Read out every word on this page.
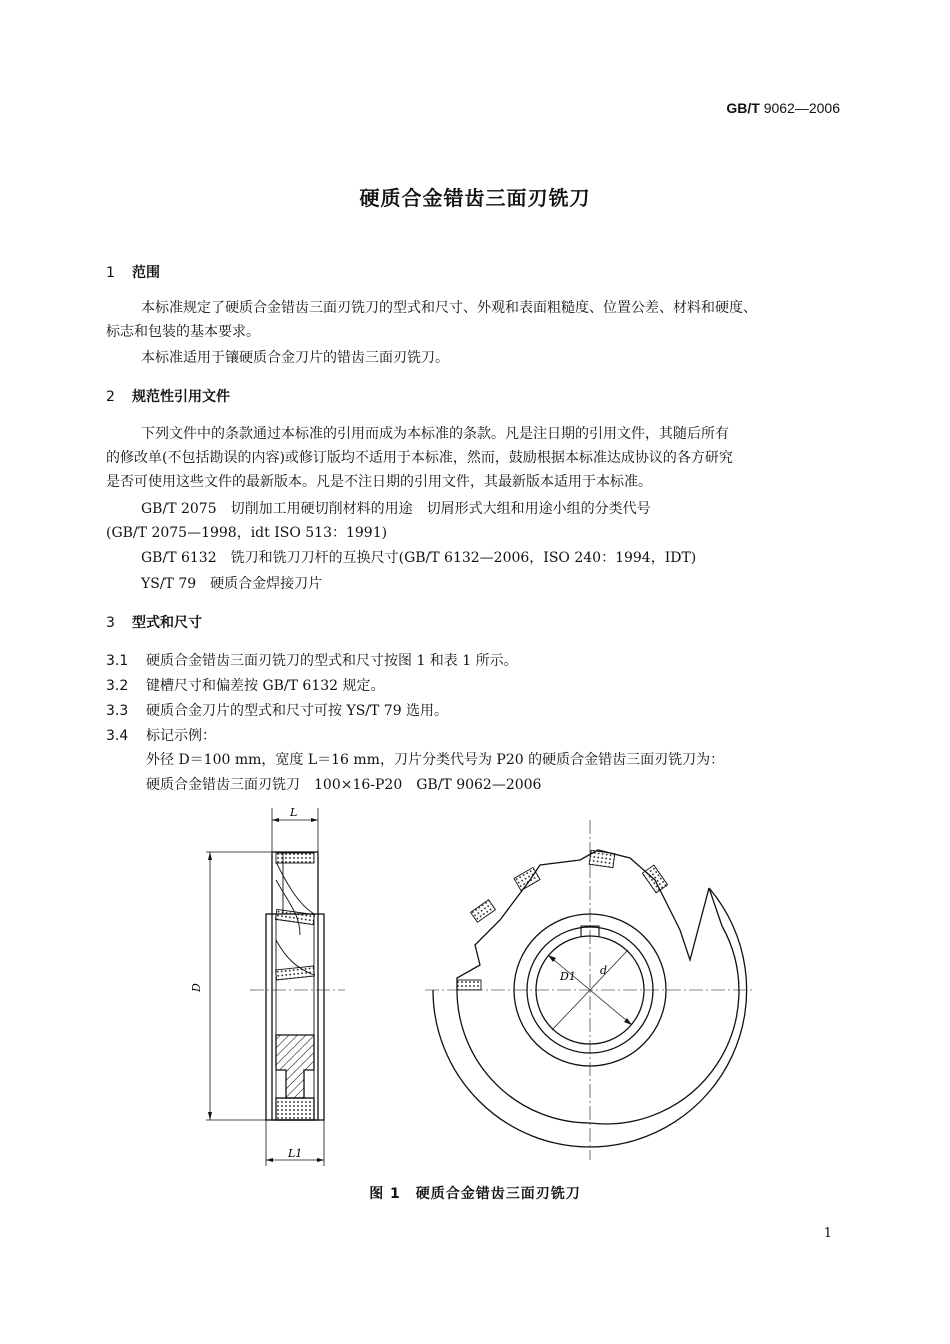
GB/T 9062—2006
硬质合金错齿三面刃铣刀
1 范围
本标准规定了硬质合金错齿三面刃铣刀的型式和尺寸、外观和表面粗糙度、位置公差、材料和硬度、
标志和包装的基本要求。
本标准适用于镶硬质合金刀片的错齿三面刃铣刀。
2 规范性引用文件
下列文件中的条款通过本标准的引用而成为本标准的条款。凡是注日期的引用文件，其随后所有
的修改单(不包括勘误的内容)或修订版均不适用于本标准，然而，鼓励根据本标准达成协议的各方研究
是否可使用这些文件的最新版本。凡是不注日期的引用文件，其最新版本适用于本标准。
GB/T 2075　切削加工用硬切削材料的用途　切屑形式大组和用途小组的分类代号
(GB/T 2075—1998，idt ISO 513：1991)
GB/T 6132　铣刀和铣刀刀杆的互换尺寸(GB/T 6132—2006，ISO 240：1994，IDT)
YS/T 79　硬质合金焊接刀片
3 型式和尺寸
3.1 硬质合金错齿三面刃铣刀的型式和尺寸按图 1 和表 1 所示。
3.2 键槽尺寸和偏差按 GB/T 6132 规定。
3.3 硬质合金刀片的型式和尺寸可按 YS/T 79 选用。
3.4 标记示例：
外径 D＝100 mm，宽度 L＝16 mm，刀片分类代号为 P20 的硬质合金错齿三面刃铣刀为：
硬质合金错齿三面刃铣刀　100×16-P20　GB/T 9062—2006
L
L1
D
D1 d
图 1　硬质合金错齿三面刃铣刀
1
